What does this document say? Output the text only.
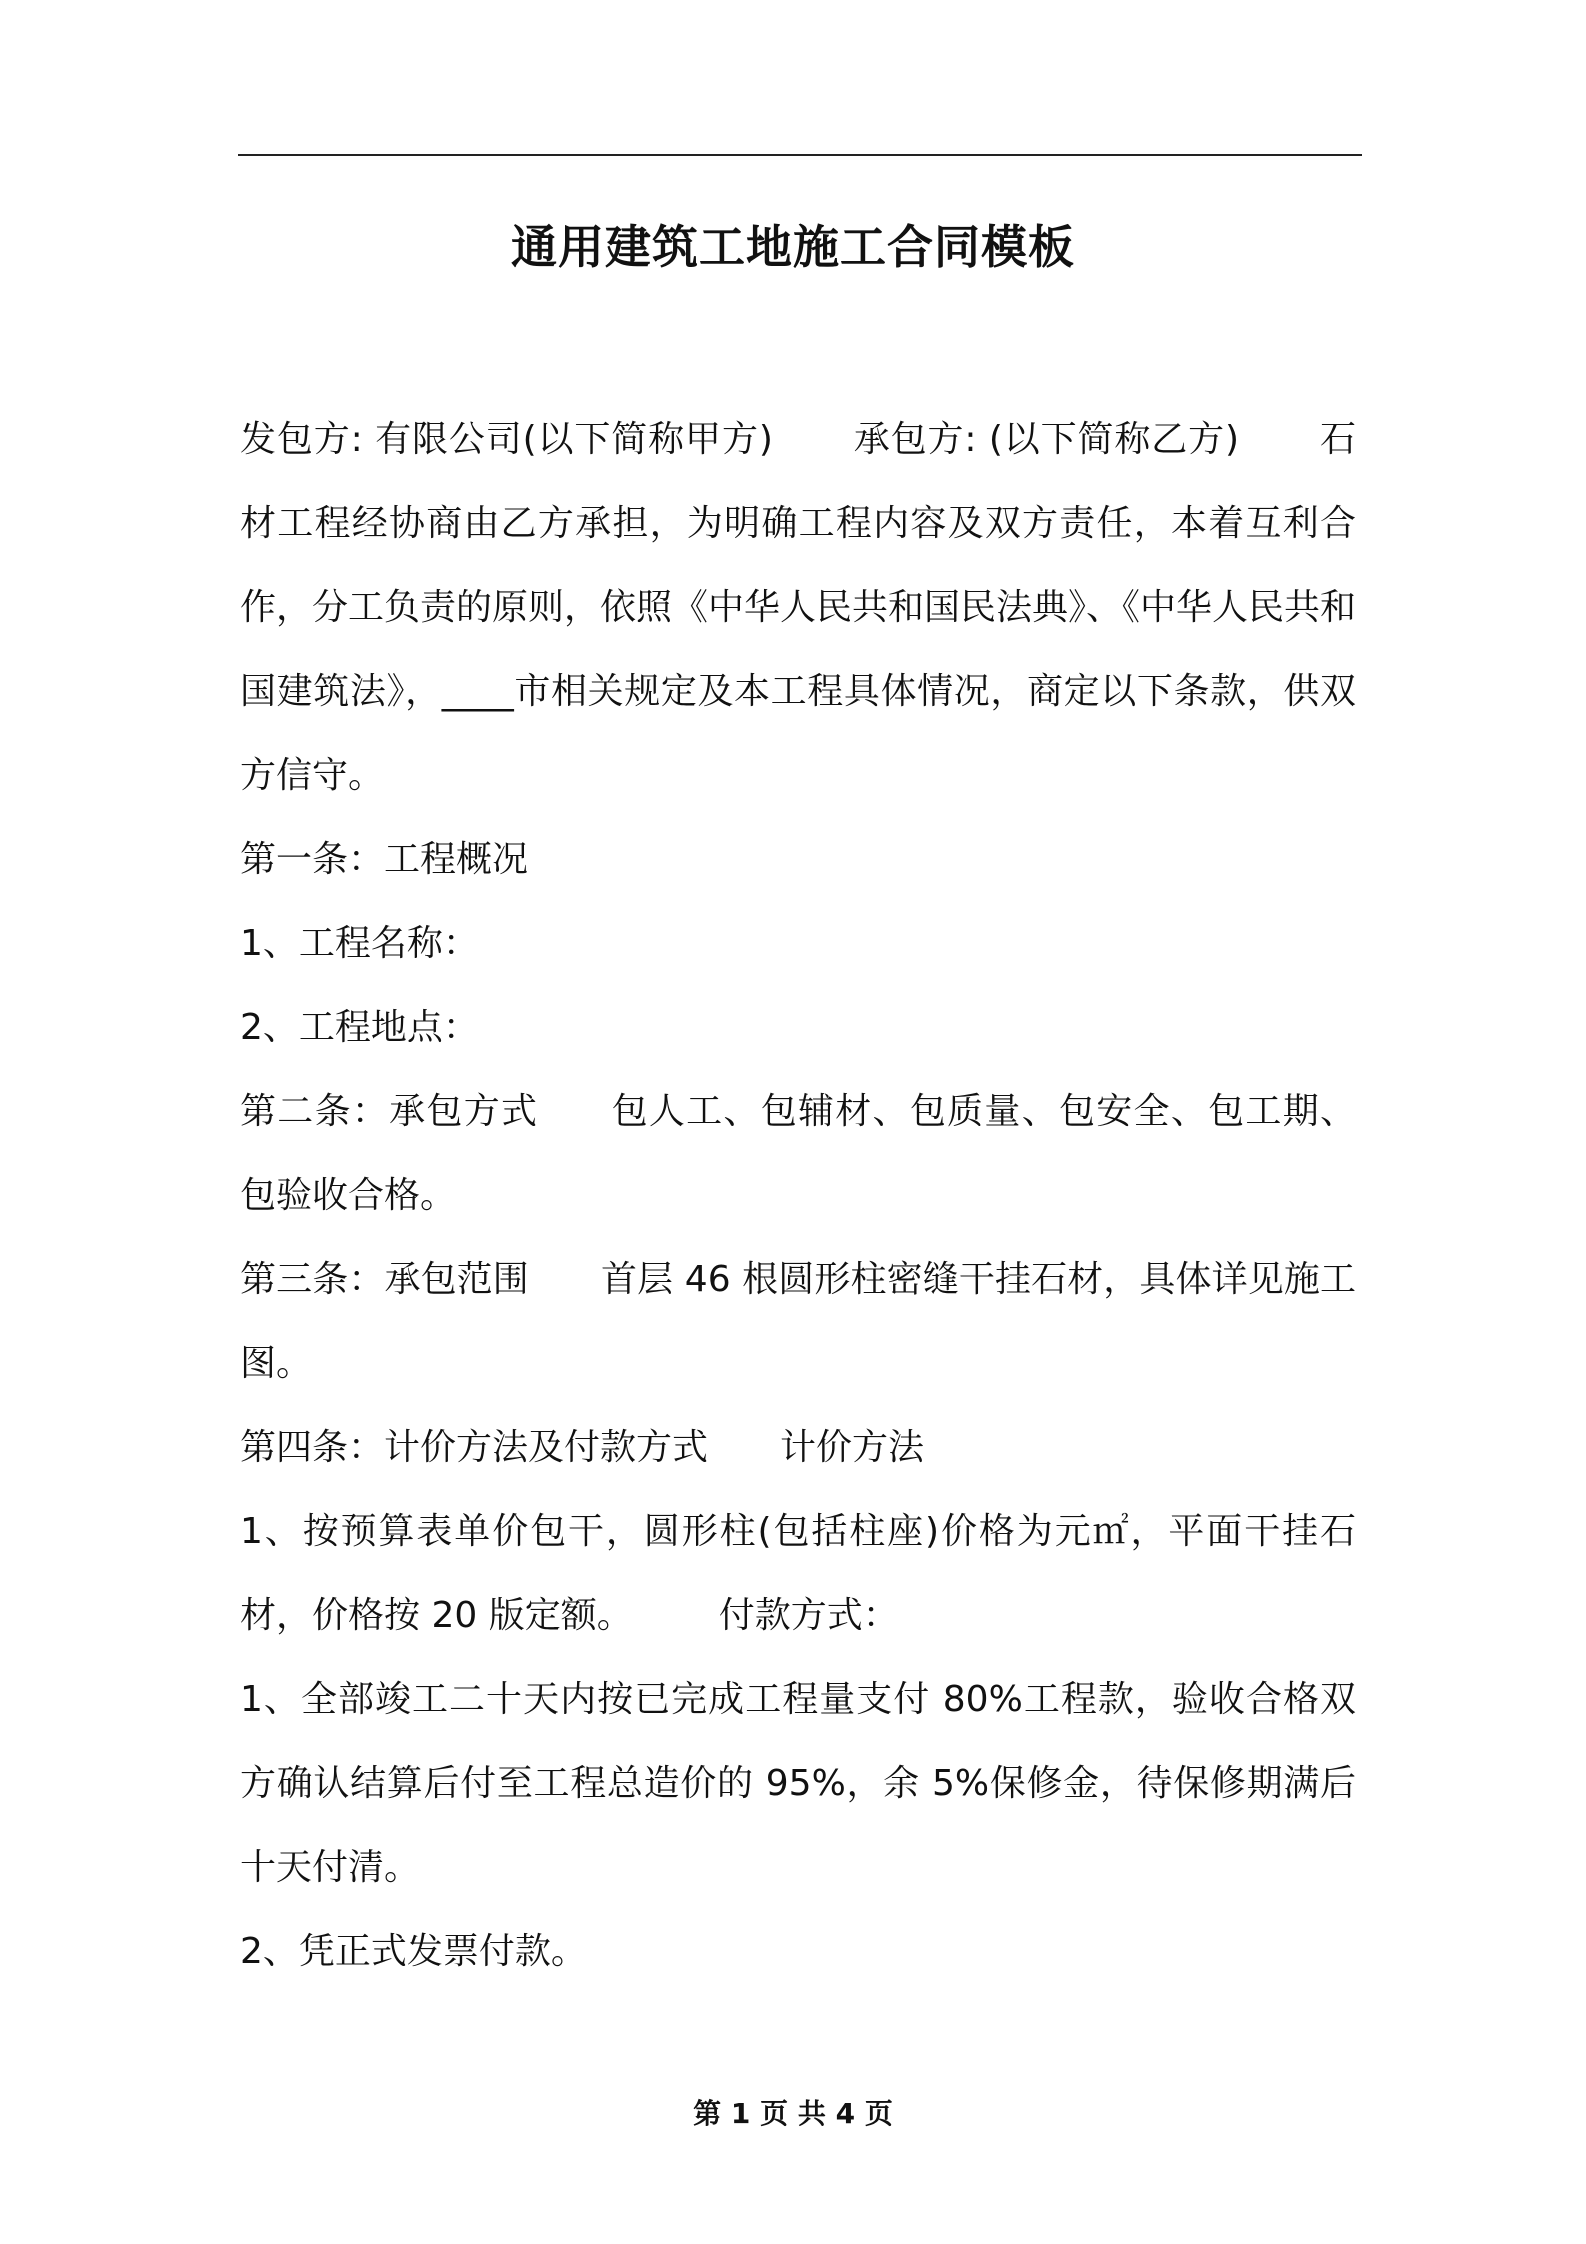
通用建筑工地施工合同模板

发包方: 有限公司(以下简称甲方) 承包方: (以下简称乙方) 石材工程经协商由乙方承担，为明确工程内容及双方责任，本着互利合作，分工负责的原则，依照《中华人民共和国民法典》、《中华人民共和国建筑法》，____市相关规定及本工程具体情况，商定以下条款，供双方信守。

第一条：工程概况

1、工程名称：

2、工程地点：

第二条：承包方式 包人工、包辅材、包质量、包安全、包工期、包验收合格。

第三条：承包范围 首层 46 根圆形柱密缝干挂石材，具体详见施工图。

第四条：计价方法及付款方式 计价方法

1、按预算表单价包干，圆形柱(包括柱座)价格为元㎡，平面干挂石材，价格按 20 版定额。 付款方式：

1、全部竣工二十天内按已完成工程量支付 80%工程款，验收合格双方确认结算后付至工程总造价的 95%，余 5%保修金，待保修期满后十天付清。

2、凭正式发票付款。

第 1 页 共 4 页
